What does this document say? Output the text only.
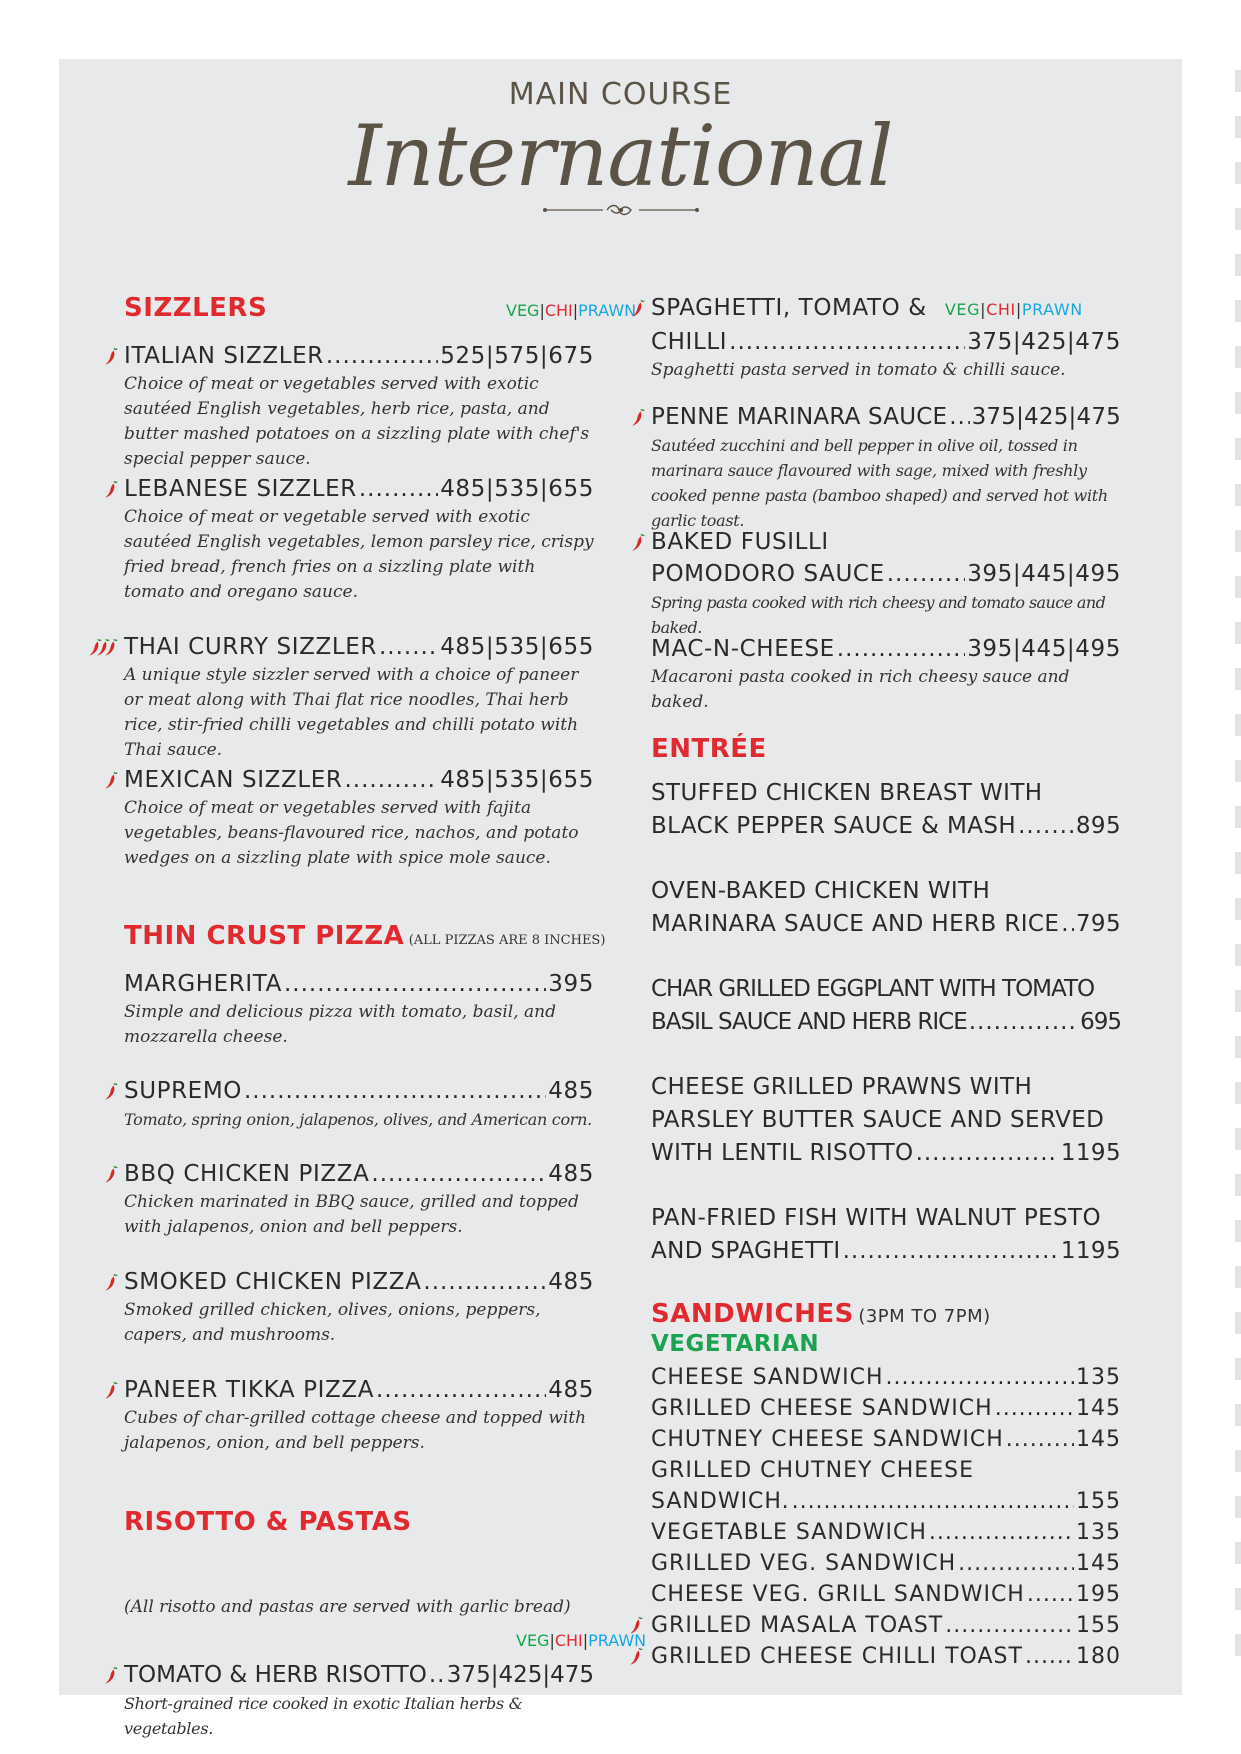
MAIN COURSE
International
SIZZLERS	VEG|CHI|PRAWN
ITALIAN SIZZLER .....	525|575|675
Choice of meat or vegetables served with exotic sautéed English vegetables, herb rice, pasta, and butter mashed potatoes on a sizzling plate with chef's special pepper sauce.
LEBANESE SIZZLER .....	485|535|655
Choice of meat or vegetable served with exotic sautéed English vegetables, lemon parsley rice, crispy fried bread, french fries on a sizzling plate with tomato and oregano sauce.
THAI CURRY SIZZLER .....	485|535|655
A unique style sizzler served with a choice of paneer or meat along with Thai flat rice noodles, Thai herb rice, stir-fried chilli vegetables and chilli potato with Thai sauce.
MEXICAN SIZZLER .....	485|535|655
Choice of meat or vegetables served with fajita vegetables, beans-flavoured rice, nachos, and potato wedges on a sizzling plate with spice mole sauce.
THIN CRUST PIZZA (ALL PIZZAS ARE 8 INCHES)
MARGHERITA .....	395
Simple and delicious pizza with tomato, basil, and mozzarella cheese.
SUPREMO .....	485
Tomato, spring onion, jalapenos, olives, and American corn.
BBQ CHICKEN PIZZA .....	485
Chicken marinated in BBQ sauce, grilled and topped with jalapenos, onion and bell peppers.
SMOKED CHICKEN PIZZA .....	485
Smoked grilled chicken, olives, onions, peppers, capers, and mushrooms.
PANEER TIKKA PIZZA .....	485
Cubes of char-grilled cottage cheese and topped with jalapenos, onion, and bell peppers.
RISOTTO & PASTAS
(All risotto and pastas are served with garlic bread)
VEG|CHI|PRAWN
TOMATO & HERB RISOTTO ..... 375|425|475
Short-grained rice cooked in exotic Italian herbs & vegetables.
SPAGHETTI, TOMATO & VEG|CHI|PRAWN
CHILLI .....	375|425|475
Spaghetti pasta served in tomato & chilli sauce.
PENNE MARINARA SAUCE ..... 375|425|475
Sautéed zucchini and bell pepper in olive oil, tossed in marinara sauce flavoured with sage, mixed with freshly cooked penne pasta (bamboo shaped) and served hot with garlic toast.
BAKED FUSILLI
POMODORO SAUCE .....	395|445|495
Spring pasta cooked with rich cheesy and tomato sauce and baked.
MAC-N-CHEESE .....	395|445|495
Macaroni pasta cooked in rich cheesy sauce and baked.
ENTRÉE
STUFFED CHICKEN BREAST WITH
BLACK PEPPER SAUCE & MASH .....	895
OVEN-BAKED CHICKEN WITH
MARINARA SAUCE AND HERB RICE ..... 795
CHAR GRILLED EGGPLANT WITH TOMATO
BASIL SAUCE AND HERB RICE .....	695
CHEESE GRILLED PRAWNS WITH
PARSLEY BUTTER SAUCE AND SERVED
WITH LENTIL RISOTTO .....	1195
PAN-FRIED FISH WITH WALNUT PESTO
AND SPAGHETTI .....	1195
SANDWICHES (3PM TO 7PM)
VEGETARIAN
CHEESE SANDWICH .....	135
GRILLED CHEESE SANDWICH .....	145
CHUTNEY CHEESE SANDWICH .....	145
GRILLED CHUTNEY CHEESE
SANDWICH. .....	155
VEGETABLE SANDWICH .....	135
GRILLED VEG. SANDWICH .....	145
CHEESE VEG. GRILL SANDWICH ..... 195
GRILLED MASALA TOAST .....	155
GRILLED CHEESE CHILLI TOAST ..... 180
